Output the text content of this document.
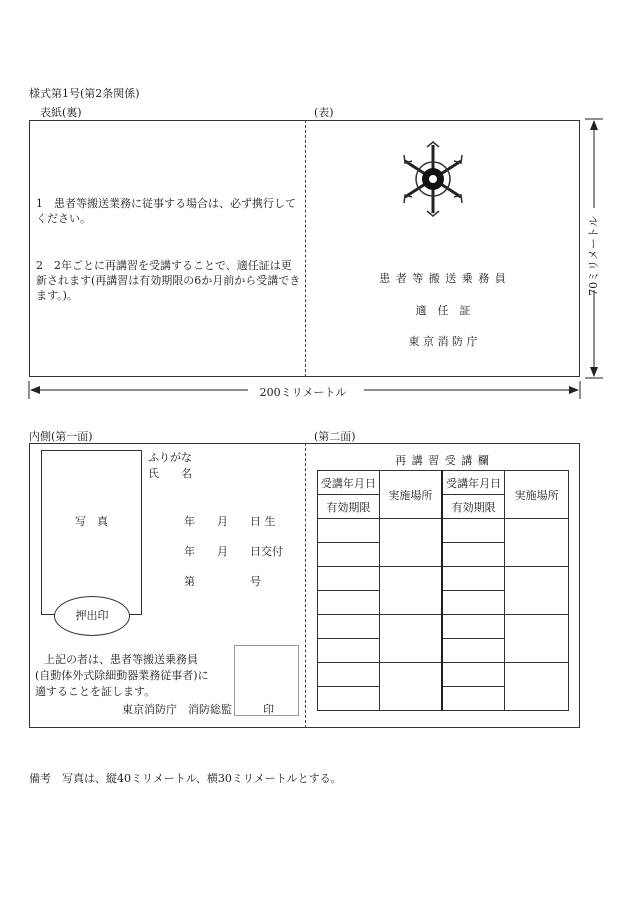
様式第1号(第2条関係)
表紙(裏)	(表)
1　患者等搬送業務に従事する場合は、必ず携行してください。
2　2年ごとに再講習を受講することで、適任証は更新されます(再講習は有効期限の6か月前から受講できます。)。
患 者 等 搬 送 乗 務 員
適　任　証
東 京 消 防 庁
70ミリメートル
200ミリメートル
内側(第一面)	(第二面)
写　真
押出印
ふりがな
氏　　名
年　　月　　日 生
年　　月　　日交付
第　　　　　号
上記の者は、患者等搬送乗務員
(自動体外式除細動器業務従事者)に
適することを証します。
東京消防庁　消防総監	印
再 講 習 受 講 欄
受講年月日	実施場所	受講年月日	実施場所
有効期限		有効期限	

備考　写真は、縦40ミリメートル、横30ミリメートルとする。
